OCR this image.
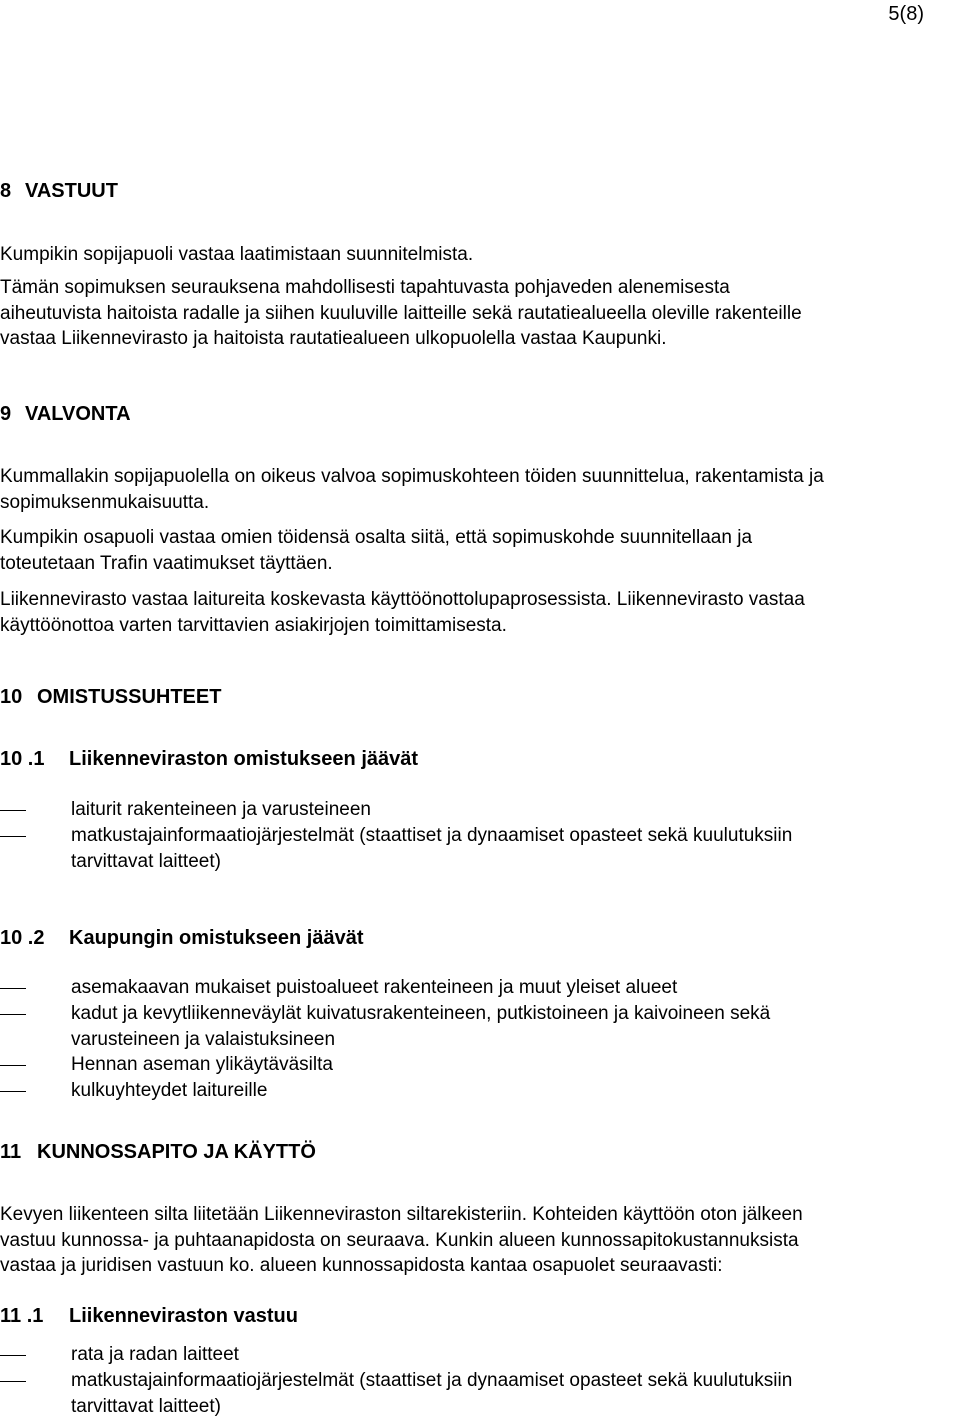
5(8)
8 VASTUUT
Kumpikin sopijapuoli vastaa laatimistaan suunnitelmista.
Tämän sopimuksen seurauksena mahdollisesti tapahtuvasta pohjaveden alenemisesta
aiheutuvista haitoista radalle ja siihen kuuluville laitteille sekä rautatiealueella oleville rakenteille
vastaa Liikennevirasto ja haitoista rautatiealueen ulkopuolella vastaa Kaupunki.
9 VALVONTA
Kummallakin sopijapuolella on oikeus valvoa sopimuskohteen töiden suunnittelua, rakentamista ja
sopimuksenmukaisuutta.
Kumpikin osapuoli vastaa omien töidensä osalta siitä, että sopimuskohde suunnitellaan ja
toteutetaan Trafin vaatimukset täyttäen.
Liikennevirasto vastaa laitureita koskevasta käyttöönottolupaprosessista. Liikennevirasto vastaa
käyttöönottoa varten tarvittavien asiakirjojen toimittamisesta.
10 OMISTUSSUHTEET
10 .1 Liikenneviraston omistukseen jäävät
laiturit rakenteineen ja varusteineen
matkustajainformaatiojärjestelmät (staattiset ja dynaamiset opasteet sekä kuulutuksiin
tarvittavat laitteet)
10 .2 Kaupungin omistukseen jäävät
asemakaavan mukaiset puistoalueet rakenteineen ja muut yleiset alueet
kadut ja kevytliikenneväylät kuivatusrakenteineen, putkistoineen ja kaivoineen sekä
varusteineen ja valaistuksineen
Hennan aseman ylikäytäväsilta
kulkuyhteydet laitureille
11 KUNNOSSAPITO JA KÄYTTÖ
Kevyen liikenteen silta liitetään Liikenneviraston siltarekisteriin. Kohteiden käyttöön oton jälkeen
vastuu kunnossa- ja puhtaanapidosta on seuraava. Kunkin alueen kunnossapitokustannuksista
vastaa ja juridisen vastuun ko. alueen kunnossapidosta kantaa osapuolet seuraavasti:
11 .1 Liikenneviraston vastuu
rata ja radan laitteet
matkustajainformaatiojärjestelmät (staattiset ja dynaamiset opasteet sekä kuulutuksiin
tarvittavat laitteet)
